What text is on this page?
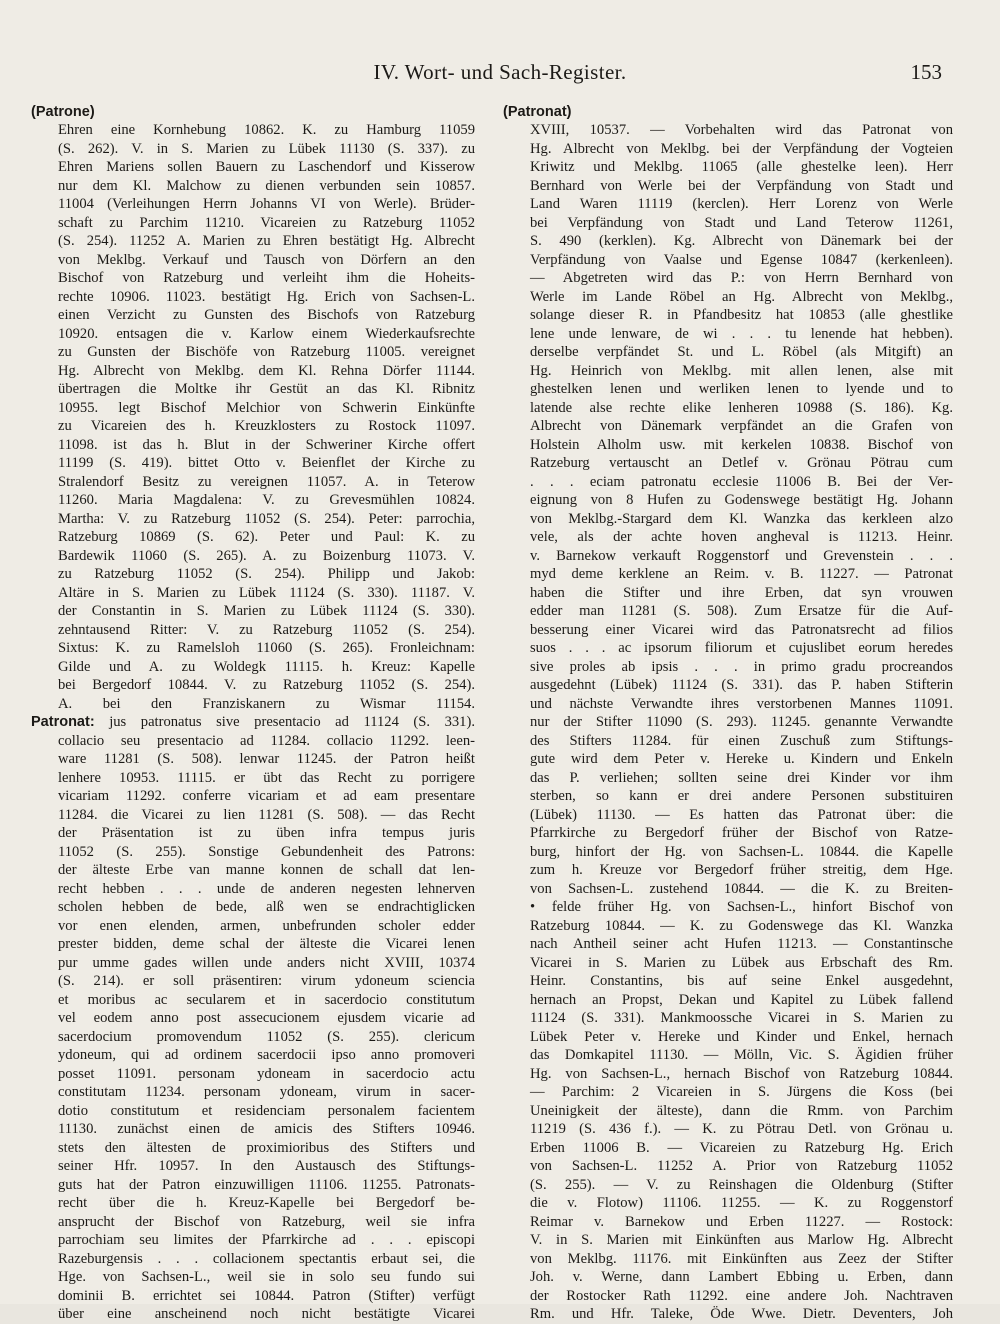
IV. Wort- und Sach-Register.	153
(Patrone)
Ehren eine Kornhebung 10862. K. zu Hamburg 11059
(S. 262). V. in S. Marien zu Lübek 11130 (S. 337). zu
Ehren Mariens sollen Bauern zu Laschendorf und Kisserow
nur dem Kl. Malchow zu dienen verbunden sein 10857.
11004 (Verleihungen Herrn Johanns VI von Werle). Brüder-
schaft zu Parchim 11210. Vicareien zu Ratzeburg 11052
(S. 254). 11252 A. Marien zu Ehren bestätigt Hg. Albrecht
von Meklbg. Verkauf und Tausch von Dörfern an den
Bischof von Ratzeburg und verleiht ihm die Hoheits-
rechte 10906. 11023. bestätigt Hg. Erich von Sachsen-L.
einen Verzicht zu Gunsten des Bischofs von Ratzeburg
10920. entsagen die v. Karlow einem Wiederkaufsrechte
zu Gunsten der Bischöfe von Ratzeburg 11005. vereignet
Hg. Albrecht von Meklbg. dem Kl. Rehna Dörfer 11144.
übertragen die Moltke ihr Gestüt an das Kl. Ribnitz
10955. legt Bischof Melchior von Schwerin Einkünfte
zu Vicareien des h. Kreuzklosters zu Rostock 11097.
11098. ist das h. Blut in der Schweriner Kirche offert
11199 (S. 419). bittet Otto v. Beienflet der Kirche zu
Stralendorf Besitz zu vereignen 11057. A. in Teterow
11260. Maria Magdalena: V. zu Grevesmühlen 10824.
Martha: V. zu Ratzeburg 11052 (S. 254). Peter: parrochia,
Ratzeburg 10869 (S. 62). Peter und Paul: K. zu
Bardewik 11060 (S. 265). A. zu Boizenburg 11073. V.
zu Ratzeburg 11052 (S. 254). Philipp und Jakob:
Altäre in S. Marien zu Lübek 11124 (S. 330). 11187. V.
der Constantin in S. Marien zu Lübek 11124 (S. 330).
zehntausend Ritter: V. zu Ratzeburg 11052 (S. 254).
Sixtus: K. zu Ramelsloh 11060 (S. 265). Fronleichnam:
Gilde und A. zu Woldegk 11115. h. Kreuz: Kapelle
bei Bergedorf 10844. V. zu Ratzeburg 11052 (S. 254).
A. bei den Franziskanern zu Wismar 11154.
Patronat: jus patronatus sive presentacio ad 11124 (S. 331).
collacio seu presentacio ad 11284. collacio 11292. leen-
ware 11281 (S. 508). lenwar 11245. der Patron heißt
lenhere 10953. 11115. er übt das Recht zu porrigere
vicariam 11292. conferre vicariam et ad eam presentare
11284. die Vicarei zu lien 11281 (S. 508). — das Recht
der Präsentation ist zu üben infra tempus juris
11052 (S. 255). Sonstige Gebundenheit des Patrons:
der älteste Erbe van manne konnen de schall dat len-
recht hebben . . . unde de anderen negesten lehnerven
scholen hebben de bede, alß wen se endrachtiglicken
vor enen elenden, armen, unbefrunden scholer edder
prester bidden, deme schal der älteste die Vicarei lenen
pur umme gades willen unde anders nicht XVIII, 10374
(S. 214). er soll präsentiren: virum ydoneum sciencia
et moribus ac secularem et in sacerdocio constitutum
vel eodem anno post assecucionem ejusdem vicarie ad
sacerdocium promovendum 11052 (S. 255). clericum
ydoneum, qui ad ordinem sacerdocii ipso anno promoveri
posset 11091. personam ydoneam in sacerdocio actu
constitutam 11234. personam ydoneam, virum in sacer-
dotio constitutum et residenciam personalem facientem
11130. zunächst einen de amicis des Stifters 10946.
stets den ältesten de proximioribus des Stifters und
seiner Hfr. 10957. In den Austausch des Stiftungs-
guts hat der Patron einzuwilligen 11106. 11255. Patronats-
recht über die h. Kreuz-Kapelle bei Bergedorf be-
ansprucht der Bischof von Ratzeburg, weil sie infra
parrochiam seu limites der Pfarrkirche ad . . . episcopi
Razeburgensis . . . collacionem spectantis erbaut sei, die
Hge. von Sachsen-L., weil sie in solo seu fundo sui
dominii B. errichtet sei 10844. Patron (Stifter) verfügt
über eine anscheinend noch nicht bestätigte Vicarei
(Patronat)
XVIII, 10537. — Vorbehalten wird das Patronat von
Hg. Albrecht von Meklbg. bei der Verpfändung der Vogteien
Kriwitz und Meklbg. 11065 (alle ghestelke leen). Herr
Bernhard von Werle bei der Verpfändung von Stadt und
Land Waren 11119 (kerclen). Herr Lorenz von Werle
bei Verpfändung von Stadt und Land Teterow 11261,
S. 490 (kerklen). Kg. Albrecht von Dänemark bei der
Verpfändung von Vaalse und Egense 10847 (kerkenleen).
— Abgetreten wird das P.: von Herrn Bernhard von
Werle im Lande Röbel an Hg. Albrecht von Meklbg.,
solange dieser R. in Pfandbesitz hat 10853 (alle ghestlike
lene unde lenware, de wi . . . tu lenende hat hebben).
derselbe verpfändet St. und L. Röbel (als Mitgift) an
Hg. Heinrich von Meklbg. mit allen lenen, alse mit
ghestelken lenen und werliken lenen to lyende und to
latende alse rechte elike lenheren 10988 (S. 186). Kg.
Albrecht von Dänemark verpfändet an die Grafen von
Holstein Alholm usw. mit kerkelen 10838. Bischof von
Ratzeburg vertauscht an Detlef v. Grönau Pötrau cum
. . . eciam patronatu ecclesie 11006 B. Bei der Ver-
eignung von 8 Hufen zu Godenswege bestätigt Hg. Johann
von Meklbg.-Stargard dem Kl. Wanzka das kerkleen alzo
vele, als der achte hoven angheval is 11213. Heinr.
v. Barnekow verkauft Roggenstorf und Grevenstein . . .
myd deme kerklene an Reim. v. B. 11227. — Patronat
haben die Stifter und ihre Erben, dat syn vrouwen
edder man 11281 (S. 508). Zum Ersatze für die Auf-
besserung einer Vicarei wird das Patronatsrecht ad filios
suos . . . ac ipsorum filiorum et cujuslibet eorum heredes
sive proles ab ipsis . . . in primo gradu procreandos
ausgedehnt (Lübek) 11124 (S. 331). das P. haben Stifterin
und nächste Verwandte ihres verstorbenen Mannes 11091.
nur der Stifter 11090 (S. 293). 11245. genannte Verwandte
des Stifters 11284. für einen Zuschuß zum Stiftungs-
gute wird dem Peter v. Hereke u. Kindern und Enkeln
das P. verliehen; sollten seine drei Kinder vor ihm
sterben, so kann er drei andere Personen substituiren
(Lübek) 11130. — Es hatten das Patronat über: die
Pfarrkirche zu Bergedorf früher der Bischof von Ratze-
burg, hinfort der Hg. von Sachsen-L. 10844. die Kapelle
zum h. Kreuze vor Bergedorf früher streitig, dem Hge.
von Sachsen-L. zustehend 10844. — die K. zu Breiten-
• felde früher Hg. von Sachsen-L., hinfort Bischof von
Ratzeburg 10844. — K. zu Godenswege das Kl. Wanzka
nach Antheil seiner acht Hufen 11213. — Constantinsche
Vicarei in S. Marien zu Lübek aus Erbschaft des Rm.
Heinr. Constantins, bis auf seine Enkel ausgedehnt,
hernach an Propst, Dekan und Kapitel zu Lübek fallend
11124 (S. 331). Mankmoossche Vicarei in S. Marien zu
Lübek Peter v. Hereke und Kinder und Enkel, hernach
das Domkapitel 11130. — Mölln, Vic. S. Ägidien früher
Hg. von Sachsen-L., hernach Bischof von Ratzeburg 10844.
— Parchim: 2 Vicareien in S. Jürgens die Koss (bei
Uneinigkeit der älteste), dann die Rmm. von Parchim
11219 (S. 436 f.). — K. zu Pötrau Detl. von Grönau u.
Erben 11006 B. — Vicareien zu Ratzeburg Hg. Erich
von Sachsen-L. 11252 A. Prior von Ratzeburg 11052
(S. 255). — V. zu Reinshagen die Oldenburg (Stifter
die v. Flotow) 11106. 11255. — K. zu Roggenstorf
Reimar v. Barnekow und Erben 11227. — Rostock:
V. in S. Marien mit Einkünften aus Marlow Hg. Albrecht
von Meklbg. 11176. mit Einkünften aus Zeez der Stifter
Joh. v. Werne, dann Lambert Ebbing u. Erben, dann
der Rostocker Rath 11292. eine andere Joh. Nachtraven
Rm. und Hfr. Taleke, Öde Wwe. Dietr. Deventers, Joh
